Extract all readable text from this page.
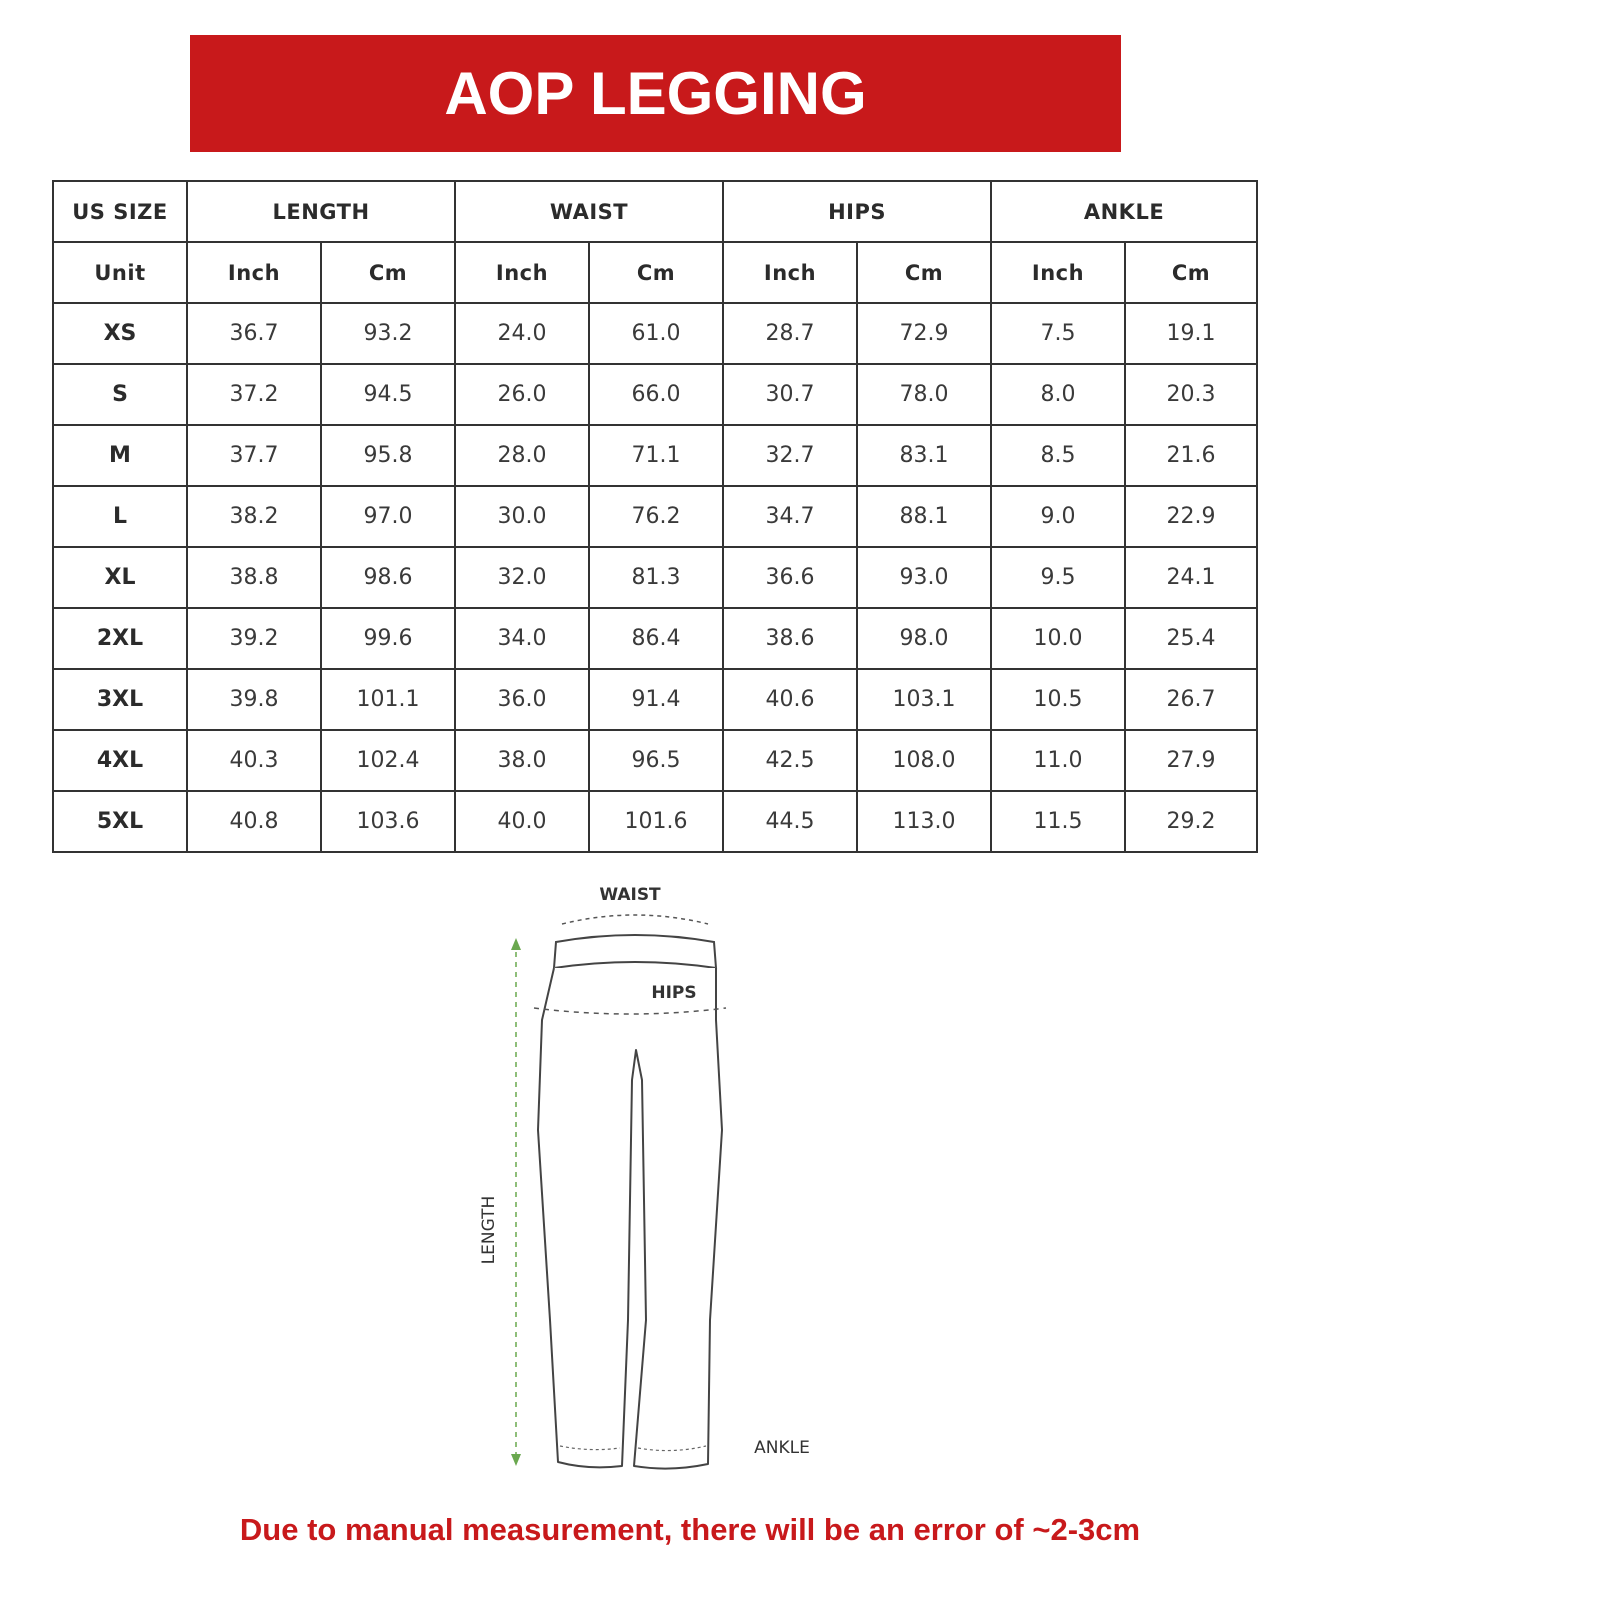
AOP LEGGING
US SIZE	LENGTH		WAIST		HIPS		ANKLE	
Unit	Inch	Cm	Inch	Cm	Inch	Cm	Inch	Cm
XS	36.7	93.2	24.0	61.0	28.7	72.9	7.5	19.1
S	37.2	94.5	26.0	66.0	30.7	78.0	8.0	20.3
M	37.7	95.8	28.0	71.1	32.7	83.1	8.5	21.6
L	38.2	97.0	30.0	76.2	34.7	88.1	9.0	22.9
XL	38.8	98.6	32.0	81.3	36.6	93.0	9.5	24.1
2XL	39.2	99.6	34.0	86.4	38.6	98.0	10.0	25.4
3XL	39.8	101.1	36.0	91.4	40.6	103.1	10.5	26.7
4XL	40.3	102.4	38.0	96.5	42.5	108.0	11.0	27.9
5XL	40.8	103.6	40.0	101.6	44.5	113.0	11.5	29.2
WAIST
HIPS
LENGTH
ANKLE
Due to manual measurement, there will be an error of ~2-3cm
